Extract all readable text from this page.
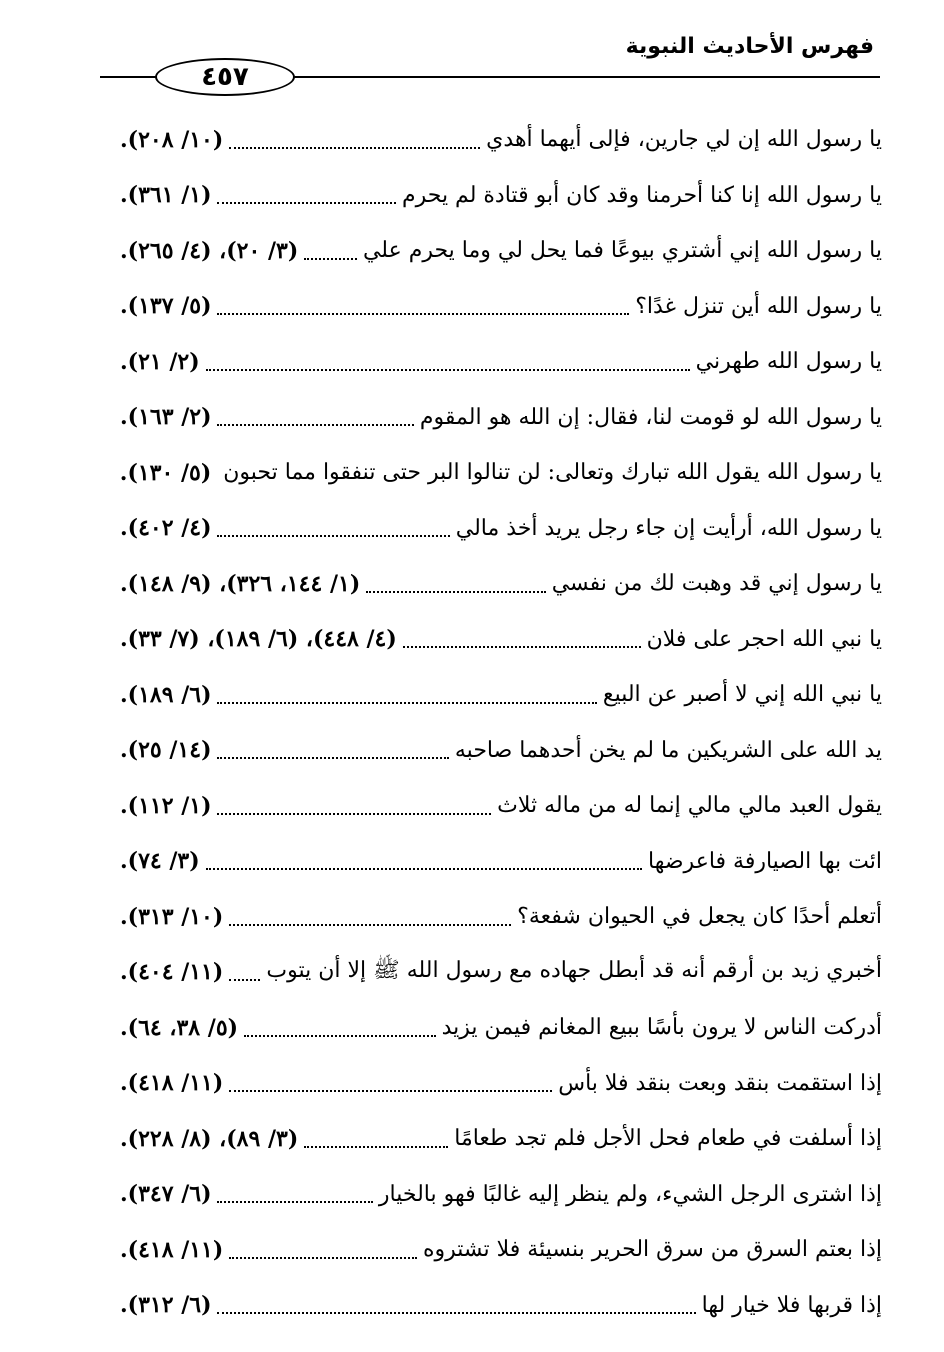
فهرس الأحاديث النبوية
٤٥٧
يا رسول الله إن لي جارين، فإلى أيهما أهدي
(١٠/ ٢٠٨).
يا رسول الله إنا كنا أحرمنا وقد كان أبو قتادة لم يحرم
(١/ ٣٦١).
يا رسول الله إني أشتري بيوعًا فما يحل لي وما يحرم علي
(٣/ ٢٠)، (٤/ ٢٦٥).
يا رسول الله أين تنزل غدًا؟
(٥/ ١٣٧).
يا رسول الله طهرني
(٢/ ٢١).
يا رسول الله لو قومت لنا، فقال: إن الله هو المقوم
(٢/ ١٦٣).
يا رسول الله يقول الله تبارك وتعالى: لن تنالوا البر حتى تنفقوا مما تحبون
(٥/ ١٣٠).
يا رسول الله، أرأيت إن جاء رجل يريد أخذ مالي
(٤/ ٤٠٢).
يا رسول إني قد وهبت لك من نفسي
(١/ ١٤٤، ٣٢٦)، (٩/ ١٤٨).
يا نبي الله احجر على فلان
(٤/ ٤٤٨)، (٦/ ١٨٩)، (٧/ ٣٣).
يا نبي الله إني لا أصبر عن البيع
(٦/ ١٨٩).
يد الله على الشريكين ما لم يخن أحدهما صاحبه
(١٤/ ٢٥).
يقول العبد مالي مالي إنما له من ماله ثلاث
(١/ ١١٢).
ائت بها الصيارفة فاعرضها
(٣/ ٧٤).
أتعلم أحدًا كان يجعل في الحيوان شفعة؟
(١٠/ ٣١٣).
أخبري زيد بن أرقم أنه قد أبطل جهاده مع رسول الله ﷺ إلا أن يتوب
(١١/ ٤٠٤).
أدركت الناس لا يرون بأسًا ببيع المغانم فيمن يزيد
(٥/ ٣٨، ٦٤).
إذا استقمت بنقد وبعت بنقد فلا بأس
(١١/ ٤١٨).
إذا أسلفت في طعام فحل الأجل فلم تجد طعامًا
(٣/ ٨٩)، (٨/ ٢٢٨).
إذا اشترى الرجل الشيء، ولم ينظر إليه غالبًا فهو بالخيار
(٦/ ٣٤٧).
إذا بعتم السرق من سرق الحرير بنسيئة فلا تشتروه
(١١/ ٤١٨).
إذا قربها فلا خيار لها
(٦/ ٣١٢).
